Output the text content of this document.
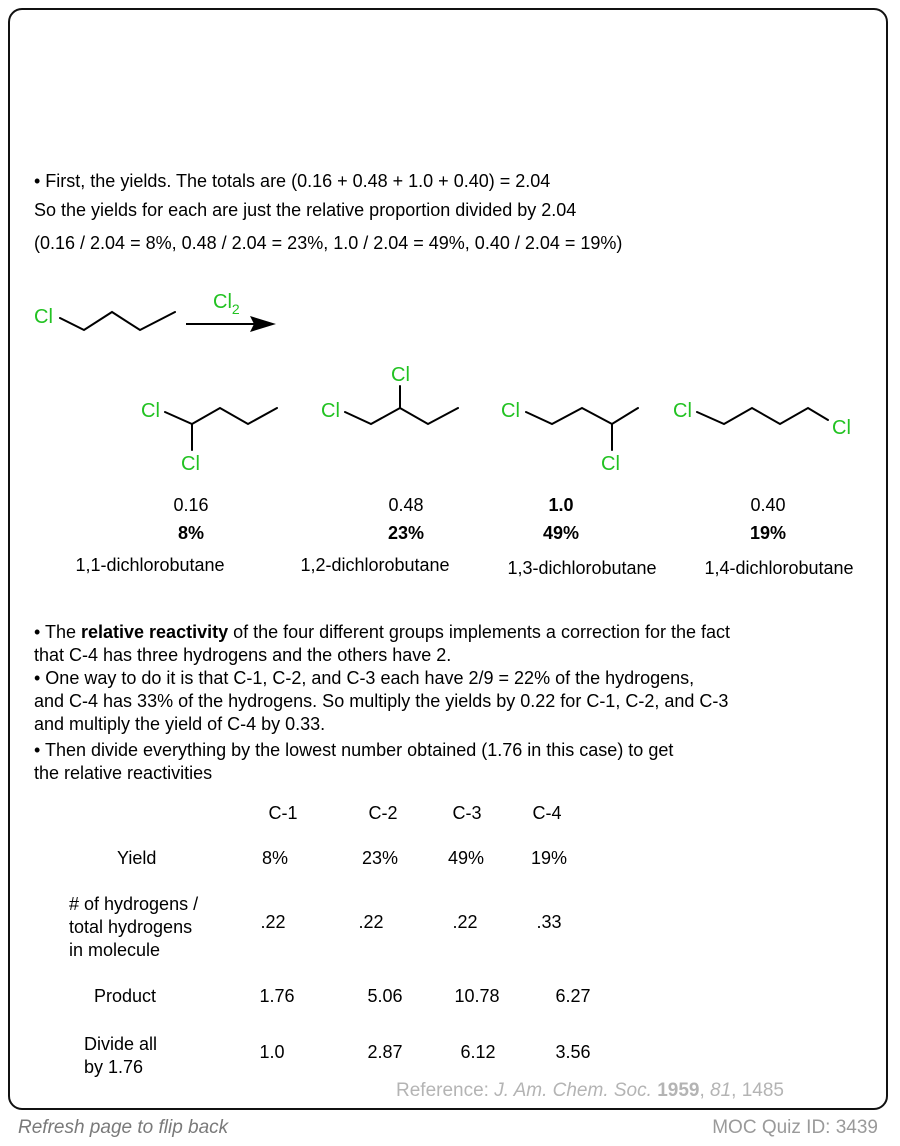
• First, the yields. The totals are (0.16 + 0.48 + 1.0 + 0.40) = 2.04
So the yields for each are just the relative proportion divided by 2.04
(0.16 / 2.04 = 8%, 0.48 / 2.04 = 23%, 1.0 / 2.04 = 49%, 0.40 / 2.04 = 19%)
Cl
$Cl_2$
Cl
Cl
Cl
Cl
Cl
Cl
Cl
Cl
0.16
8%
1,1-dichlorobutane
0.48
23%
1,2-dichlorobutane
1.0
49%
1,3-dichlorobutane
0.40
19%
1,4-dichlorobutane
• The relative reactivity of the four different groups implements a correction for the fact
that C-4 has three hydrogens and the others have 2.
• One way to do it is that C-1, C-2, and C-3 each have 2/9 = 22% of the hydrogens,
and C-4 has 33% of the hydrogens. So multiply the yields by 0.22 for C-1, C-2, and C-3
and multiply the yield of C-4 by 0.33.
• Then divide everything by the lowest number obtained (1.76 in this case) to get
the relative reactivities
C-1	C-2	C-3	C-4
Yield	8%	23%	49%	19%
# of hydrogens /
total hydrogens
in molecule
.22	.22	.22	.33
Product	1.76	5.06	10.78	6.27
Divide all
by 1.76
1.0	2.87	6.12	3.56
Reference: J. Am. Chem. Soc. 1959, 81, 1485
Refresh page to flip back	MOC Quiz ID: 3439
